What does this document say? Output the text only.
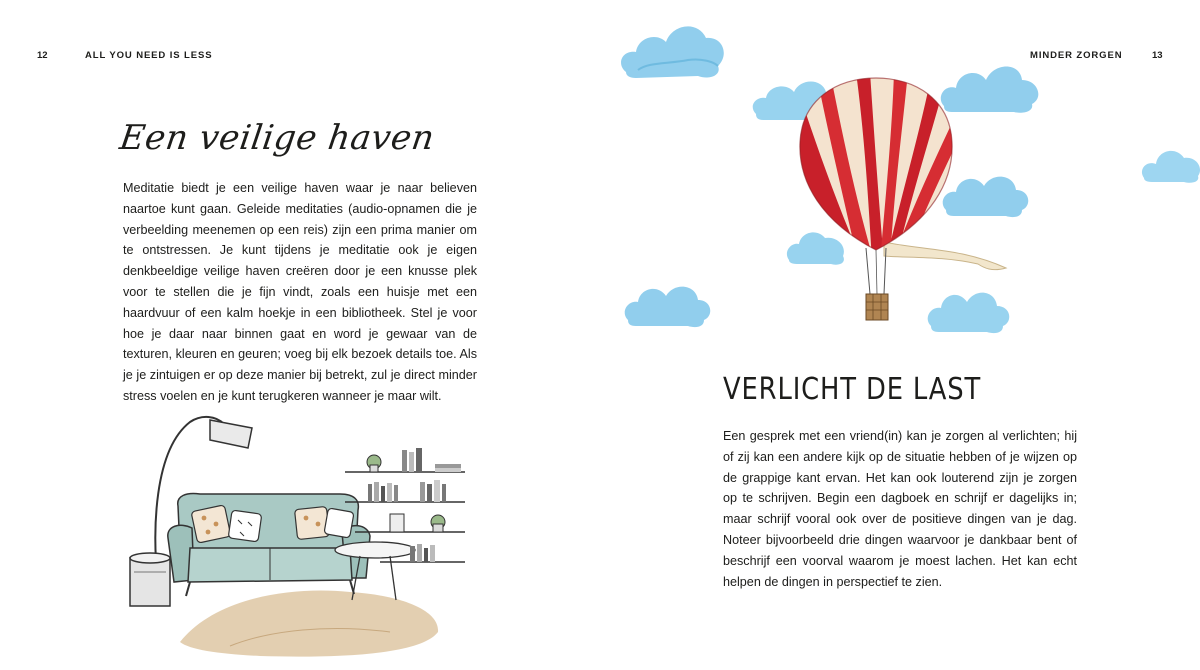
12	ALL YOU NEED IS LESS
Een veilige haven
Meditatie biedt je een veilige haven waar je naar believen naartoe kunt gaan. Geleide meditaties (audio-opnamen die je verbeelding meenemen op een reis) zijn een prima manier om te ontstressen. Je kunt tijdens je meditatie ook je eigen denkbeeldige veilige haven creëren door je een knusse plek voor te stellen die je fijn vindt, zoals een huisje met een haardvuur of een kalm hoekje in een bibliotheek. Stel je voor hoe je daar naar binnen gaat en word je gewaar van de texturen, kleuren en geuren; voeg bij elk bezoek details toe. Als je je zintuigen er op deze manier bij betrekt, zul je direct minder stress voelen en je kunt terugkeren wanneer je maar wilt.
MINDER ZORGEN	13
VERLICHT DE LAST
Een gesprek met een vriend(in) kan je zorgen al verlichten; hij of zij kan een andere kijk op de situatie hebben of je wijzen op de grappige kant ervan. Het kan ook louterend zijn je zorgen op te schrijven. Begin een dagboek en schrijf er dagelijks in; maar schrijf vooral ook over de positieve dingen van je dag. Noteer bijvoorbeeld drie dingen waarvoor je dankbaar bent of beschrijf een voorval waarom je moest lachen. Het kan echt helpen de dingen in perspectief te zien.
